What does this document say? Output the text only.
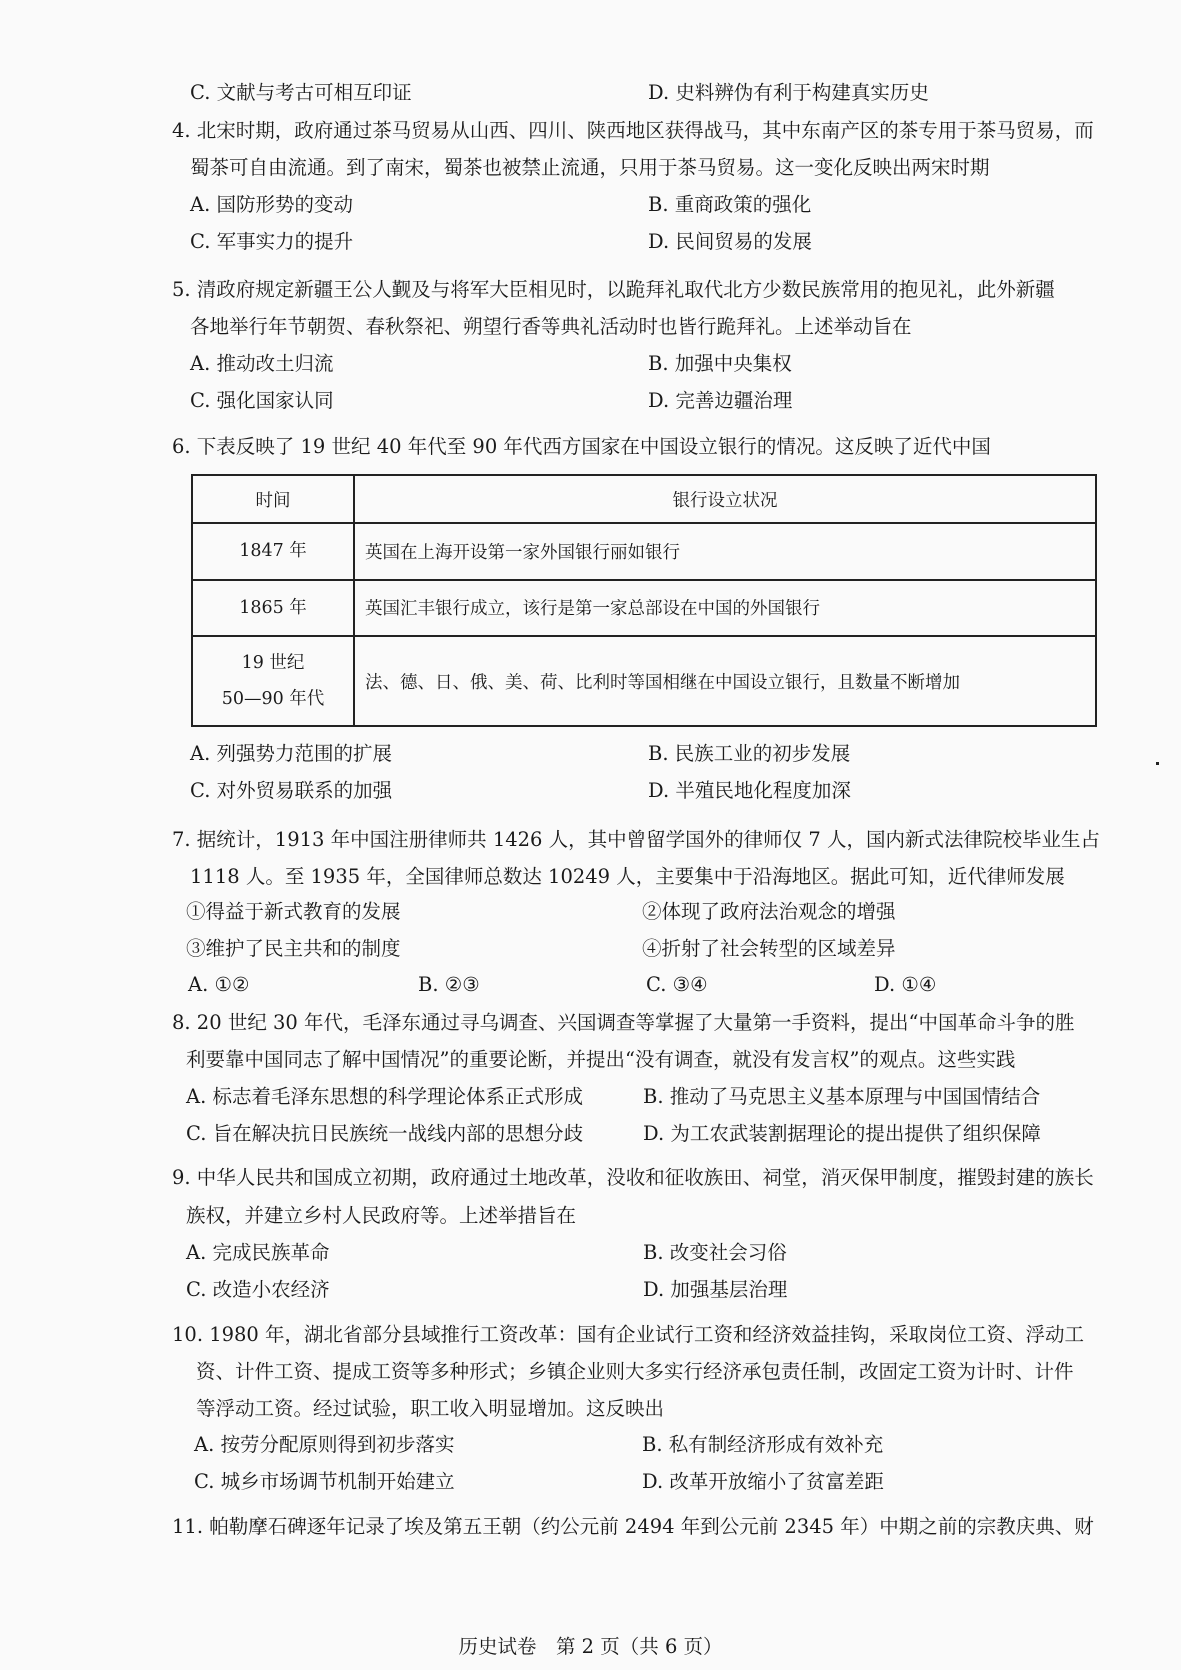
C. 文献与考古可相互印证	D. 史料辨伪有利于构建真实历史
4. 北宋时期，政府通过茶马贸易从山西、四川、陕西地区获得战马，其中东南产区的茶专用于茶马贸易，而
蜀茶可自由流通。到了南宋，蜀茶也被禁止流通，只用于茶马贸易。这一变化反映出两宋时期
A. 国防形势的变动	B. 重商政策的强化
C. 军事实力的提升	D. 民间贸易的发展
5. 清政府规定新疆王公人觐及与将军大臣相见时，以跪拜礼取代北方少数民族常用的抱见礼，此外新疆
各地举行年节朝贺、春秋祭祀、朔望行香等典礼活动时也皆行跪拜礼。上述举动旨在
A. 推动改土归流	B. 加强中央集权
C. 强化国家认同	D. 完善边疆治理
6. 下表反映了 19 世纪 40 年代至 90 年代西方国家在中国设立银行的情况。这反映了近代中国
时间	银行设立状况
1847 年	英国在上海开设第一家外国银行丽如银行
1865 年	英国汇丰银行成立，该行是第一家总部设在中国的外国银行

19 世纪
50—90 年代	法、德、日、俄、美、荷、比利时等国相继在中国设立银行，且数量不断增加
A. 列强势力范围的扩展	B. 民族工业的初步发展
C. 对外贸易联系的加强	D. 半殖民地化程度加深
7. 据统计，1913 年中国注册律师共 1426 人，其中曾留学国外的律师仅 7 人，国内新式法律院校毕业生占
1118 人。至 1935 年，全国律师总数达 10249 人，主要集中于沿海地区。据此可知，近代律师发展
①得益于新式教育的发展	②体现了政府法治观念的增强
③维护了民主共和的制度	④折射了社会转型的区域差异
A. ①②	B. ②③	C. ③④	D. ①④
8. 20 世纪 30 年代，毛泽东通过寻乌调查、兴国调查等掌握了大量第一手资料，提出“中国革命斗争的胜
利要靠中国同志了解中国情况”的重要论断，并提出“没有调查，就没有发言权”的观点。这些实践
A. 标志着毛泽东思想的科学理论体系正式形成	B. 推动了马克思主义基本原理与中国国情结合
C. 旨在解决抗日民族统一战线内部的思想分歧	D. 为工农武装割据理论的提出提供了组织保障
9. 中华人民共和国成立初期，政府通过土地改革，没收和征收族田、祠堂，消灭保甲制度，摧毁封建的族长
族权，并建立乡村人民政府等。上述举措旨在
A. 完成民族革命	B. 改变社会习俗
C. 改造小农经济	D. 加强基层治理
10. 1980 年，湖北省部分县域推行工资改革：国有企业试行工资和经济效益挂钩，采取岗位工资、浮动工
资、计件工资、提成工资等多种形式；乡镇企业则大多实行经济承包责任制，改固定工资为计时、计件
等浮动工资。经过试验，职工收入明显增加。这反映出
A. 按劳分配原则得到初步落实	B. 私有制经济形成有效补充
C. 城乡市场调节机制开始建立	D. 改革开放缩小了贫富差距
11. 帕勒摩石碑逐年记录了埃及第五王朝（约公元前 2494 年到公元前 2345 年）中期之前的宗教庆典、财
历史试卷　第 2 页（共 6 页）
